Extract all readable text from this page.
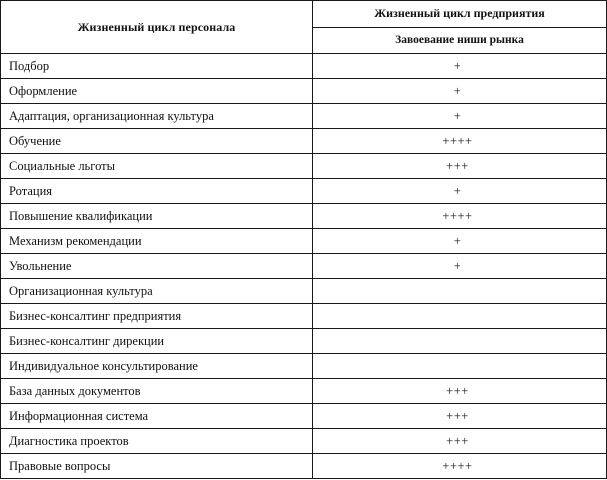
Жизненный цикл персонала	Жизненный цикл предприятия
	Завоевание ниши рынка
Подбор	+
Оформление	+
Адаптация, организационная культура	+
Обучение	++++
Социальные льготы	+++
Ротация	+
Повышение квалификации	++++
Механизм рекомендации	+
Увольнение	+
Организационная культура	
Бизнес-консалтинг предприятия	
Бизнес-консалтинг дирекции	
Индивидуальное консультирование	
База данных документов	+++
Информационная система	+++
Диагностика проектов	+++
Правовые вопросы	++++
